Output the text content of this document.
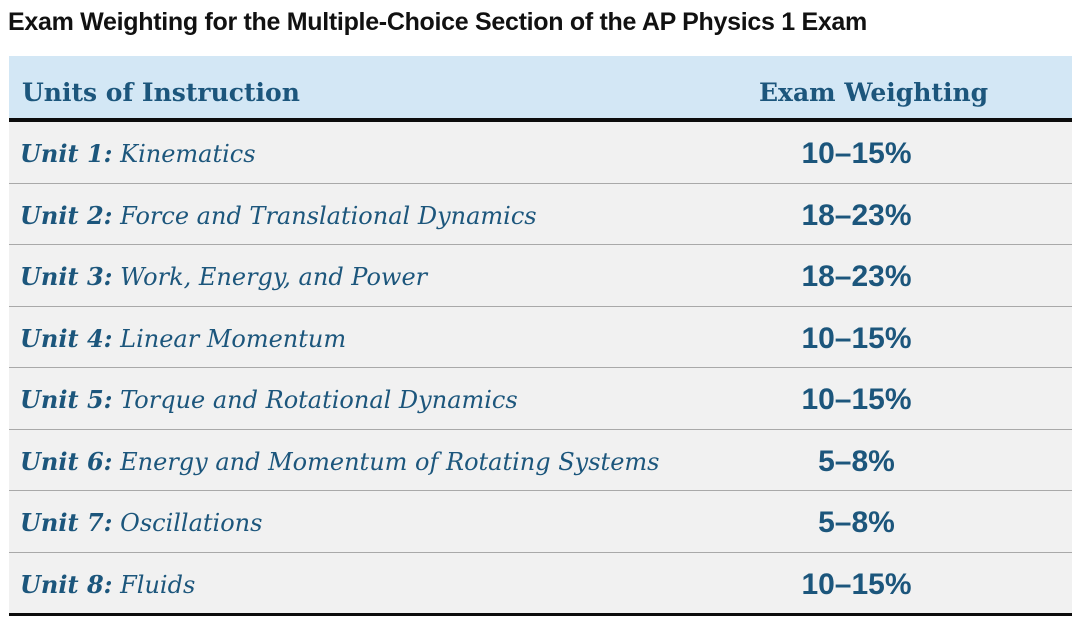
Exam Weighting for the Multiple-Choice Section of the AP Physics 1 Exam
Units of Instruction	Exam Weighting
Unit 1: Kinematics	10–15%
Unit 2: Force and Translational Dynamics	18–23%
Unit 3: Work, Energy, and Power	18–23%
Unit 4: Linear Momentum	10–15%
Unit 5: Torque and Rotational Dynamics	10–15%
Unit 6: Energy and Momentum of Rotating Systems	5–8%
Unit 7: Oscillations	5–8%
Unit 8: Fluids	10–15%
